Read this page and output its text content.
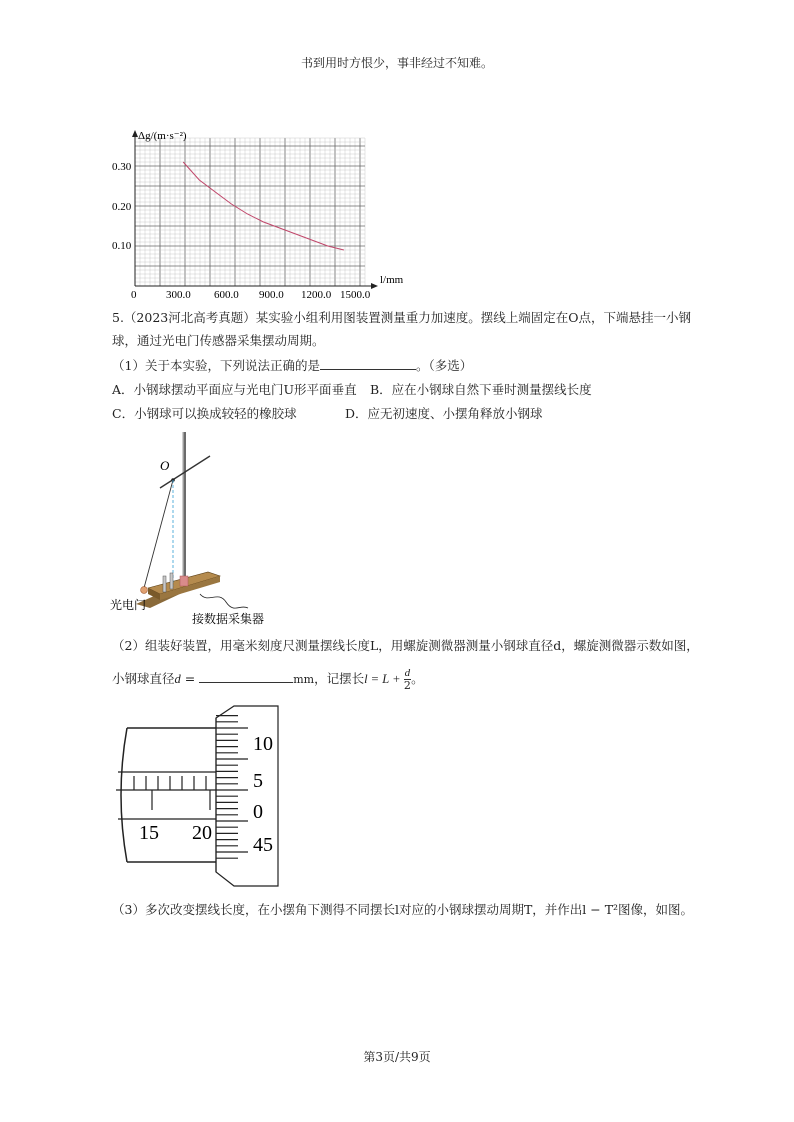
书到用时方恨少，事非经过不知难。
Δg/(m·s⁻²)
l/mm
0.30
0.20
0.10
0	300.0 600.0 900.0 1200.0 1500.0
5.（2023河北高考真题）某实验小组利用图装置测量重力加速度。摆线上端固定在O点，下端悬挂一小钢
球，通过光电门传感器采集摆动周期。
（1）关于本实验，下列说法正确的是	。（多选）
A．小钢球摆动平面应与光电门U形平面垂直 B．应在小钢球自然下垂时测量摆线长度
C．小钢球可以换成较轻的橡胶球	D．应无初速度、小摆角释放小钢球
O
光电门
接数据采集器
（2）组装好装置，用毫米刻度尺测量摆线长度L，用螺旋测微器测量小钢球直径d，螺旋测微器示数如图，
小钢球直径d =	mm，记摆长$l = L + \frac{d}{2}$ 。
15 20
10
5
0
45
（3）多次改变摆线长度，在小摆角下测得不同摆长l对应的小钢球摆动周期T，并作出l − T²图像，如图。
第3页/共9页
